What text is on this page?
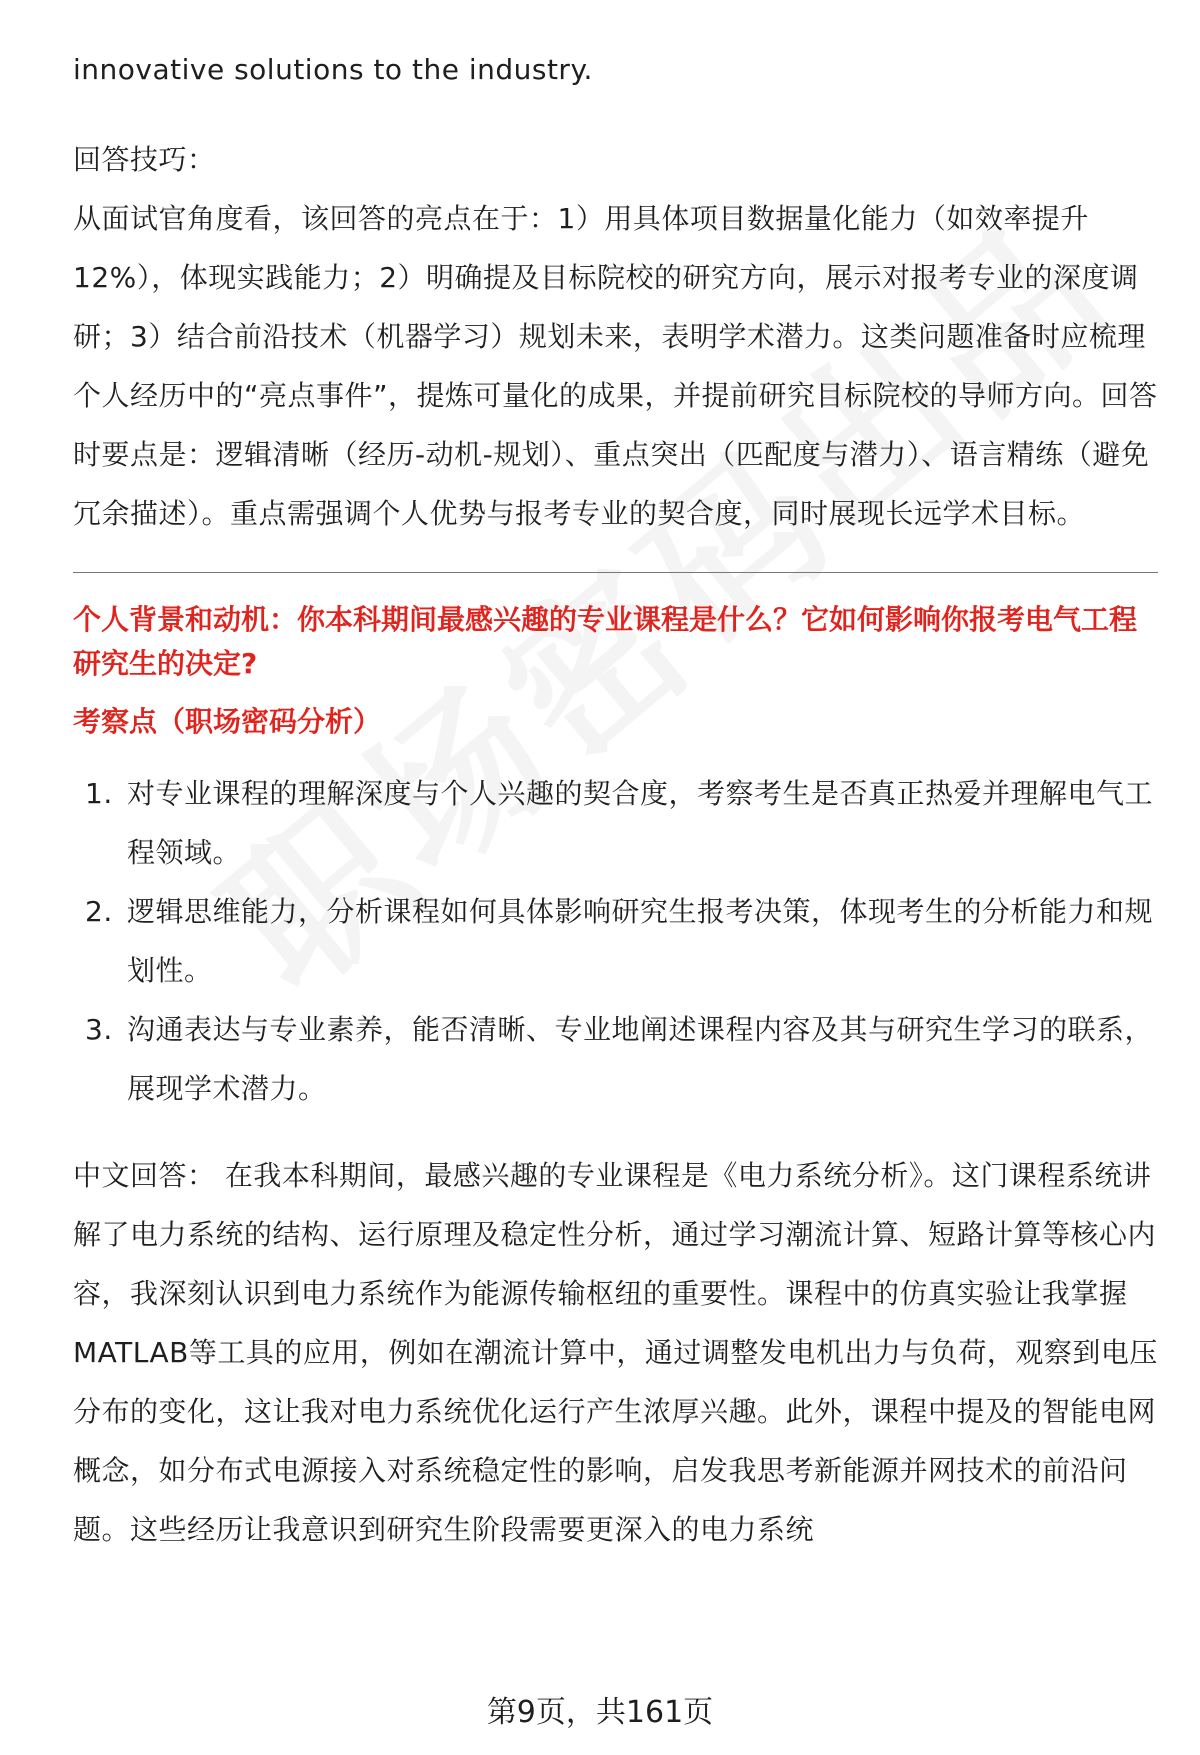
innovative solutions to the industry.

回答技巧：

从面试官角度看，该回答的亮点在于：1）用具体项目数据量化能力（如效率提升12%），体现实践能力；2）明确提及目标院校的研究方向，展示对报考专业的深度调研；3）结合前沿技术（机器学习）规划未来，表明学术潜力。这类问题准备时应梳理个人经历中的“亮点事件”，提炼可量化的成果，并提前研究目标院校的导师方向。回答时要点是：逻辑清晰（经历-动机-规划）、重点突出（匹配度与潜力）、语言精练（避免冗余描述）。重点需强调个人优势与报考专业的契合度，同时展现长远学术目标。

个人背景和动机：你本科期间最感兴趣的专业课程是什么？它如何影响你报考电气工程研究生的决定?

考察点（职场密码分析）

1. 对专业课程的理解深度与个人兴趣的契合度，考察考生是否真正热爱并理解电气工程领域。
2. 逻辑思维能力，分析课程如何具体影响研究生报考决策，体现考生的分析能力和规划性。
3. 沟通表达与专业素养，能否清晰、专业地阐述课程内容及其与研究生学习的联系，展现学术潜力。

中文回答： 在我本科期间，最感兴趣的专业课程是《电力系统分析》。这门课程系统讲解了电力系统的结构、运行原理及稳定性分析，通过学习潮流计算、短路计算等核心内容，我深刻认识到电力系统作为能源传输枢纽的重要性。课程中的仿真实验让我掌握MATLAB等工具的应用，例如在潮流计算中，通过调整发电机出力与负荷，观察到电压分布的变化，这让我对电力系统优化运行产生浓厚兴趣。此外，课程中提及的智能电网概念，如分布式电源接入对系统稳定性的影响，启发我思考新能源并网技术的前沿问题。这些经历让我意识到研究生阶段需要更深入的电力系统

第9页，共161页
